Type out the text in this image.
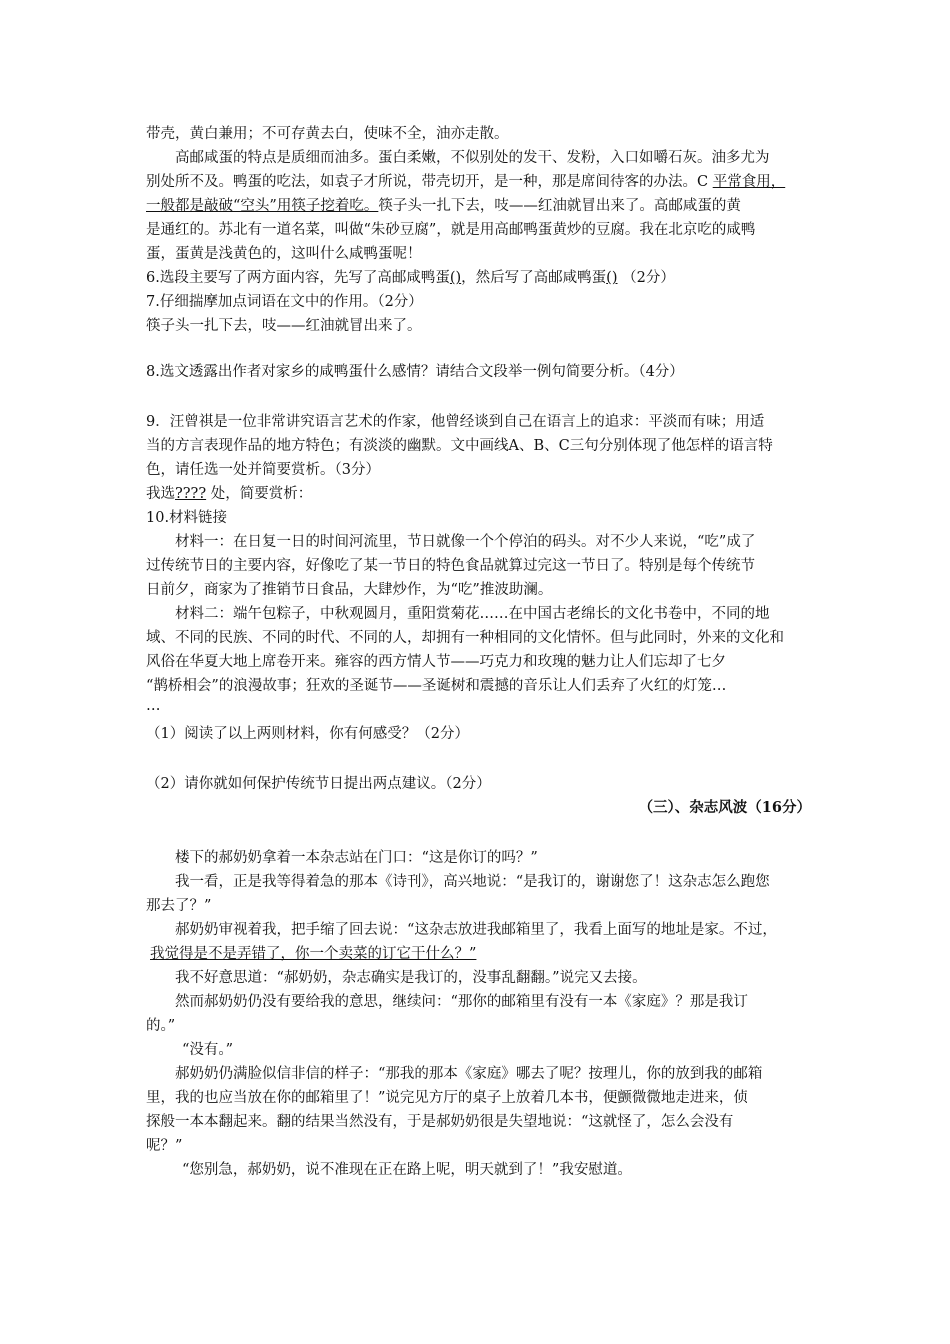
带壳，黄白兼用；不可存黄去白，使味不全，油亦走散。
高邮咸蛋的特点是质细而油多。蛋白柔嫩，不似别处的发干、发粉，入口如嚼石灰。油多尤为
别处所不及。鸭蛋的吃法，如袁子才所说，带壳切开，是一种，那是席间待客的办法。C 平常食用，
一般都是敲破“空头”用筷子挖着吃。筷子头一扎下去，吱——红油就冒出来了。高邮咸蛋的黄
是通红的。苏北有一道名菜，叫做“朱砂豆腐”，就是用高邮鸭蛋黄炒的豆腐。我在北京吃的咸鸭
蛋，蛋黄是浅黄色的，这叫什么咸鸭蛋呢！
6.选段主要写了两方面内容，先写了高邮咸鸭蛋()，然后写了高邮咸鸭蛋() （2分）
7.仔细揣摩加点词语在文中的作用。（2分）
筷子头一扎下去，吱——红油就冒出来了。
8.选文透露出作者对家乡的咸鸭蛋什么感情？请结合文段举一例句简要分析。（4分）
9．汪曾祺是一位非常讲究语言艺术的作家，他曾经谈到自己在语言上的追求：平淡而有味；用适
当的方言表现作品的地方特色；有淡淡的幽默。文中画线A、B、C三句分别体现了他怎样的语言特
色，请任选一处并简要赏析。（3分）
我选???? 处，简要赏析：
10.材料链接
材料一：在日复一日的时间河流里，节日就像一个个停泊的码头。对不少人来说，“吃”成了
过传统节日的主要内容，好像吃了某一节日的特色食品就算过完这一节日了。特别是每个传统节
日前夕，商家为了推销节日食品，大肆炒作，为“吃”推波助澜。
材料二：端午包粽子，中秋观圆月，重阳赏菊花……在中国古老绵长的文化书卷中，不同的地
域、不同的民族、不同的时代、不同的人，却拥有一种相同的文化情怀。但与此同时，外来的文化和
风俗在华夏大地上席卷开来。雍容的西方情人节——巧克力和玫瑰的魅力让人们忘却了七夕
“鹊桥相会”的浪漫故事；狂欢的圣诞节——圣诞树和震撼的音乐让人们丢弃了火红的灯笼…
…
（1）阅读了以上两则材料，你有何感受？（2分）
（2）请你就如何保护传统节日提出两点建议。（2分）
（三）、杂志风波（16分）
楼下的郝奶奶拿着一本杂志站在门口：“这是你订的吗？”
我一看，正是我等得着急的那本《诗刊》，高兴地说：“是我订的，谢谢您了！这杂志怎么跑您
那去了？”
郝奶奶审视着我，把手缩了回去说：“这杂志放进我邮箱里了，我看上面写的地址是家。不过，
我觉得是不是弄错了，你一个卖菜的订它干什么？”
我不好意思道：“郝奶奶，杂志确实是我订的，没事乱翻翻。”说完又去接。
然而郝奶奶仍没有要给我的意思，继续问：“那你的邮箱里有没有一本《家庭》？那是我订
的。”
“没有。”
郝奶奶仍满脸似信非信的样子：“那我的那本《家庭》哪去了呢？按理儿，你的放到我的邮箱
里，我的也应当放在你的邮箱里了！”说完见方厅的桌子上放着几本书，便颤微微地走进来，侦
探般一本本翻起来。翻的结果当然没有，于是郝奶奶很是失望地说：“这就怪了，怎么会没有
呢？”
“您别急，郝奶奶，说不准现在正在路上呢，明天就到了！”我安慰道。
